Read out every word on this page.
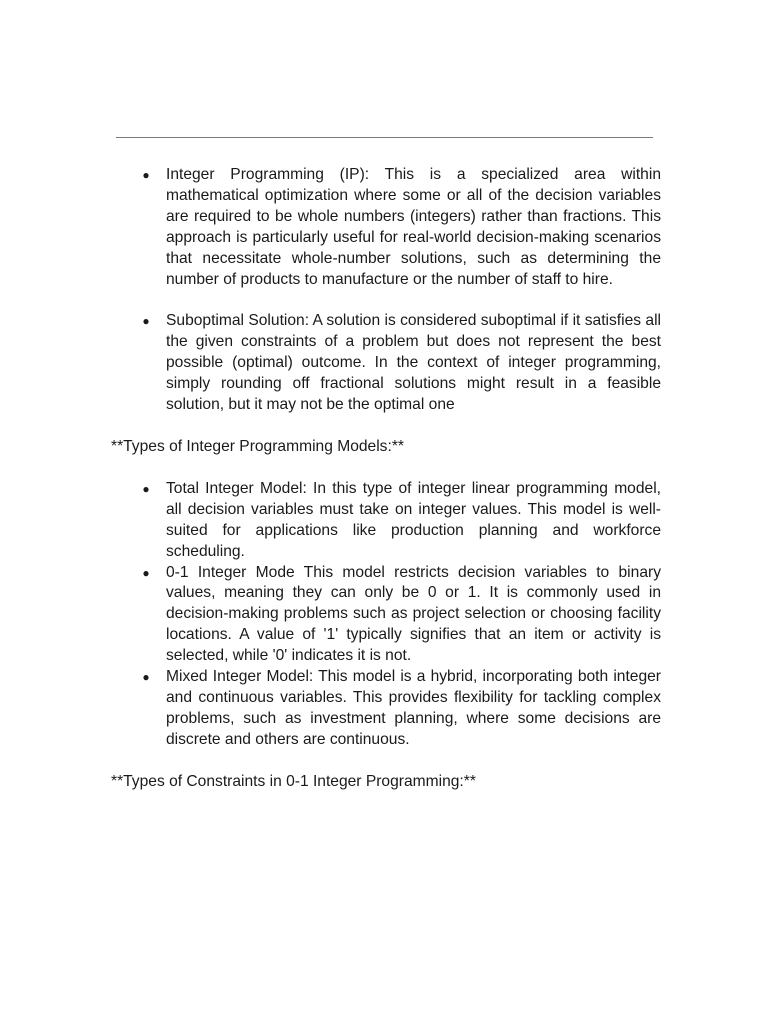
● Integer Programming (IP): This is a specialized area within mathematical optimization where some or all of the decision variables are required to be whole numbers (integers) rather than fractions. This approach is particularly useful for real-world decision-making scenarios that necessitate whole-number solutions, such as determining the number of products to manufacture or the number of staff to hire.
● Suboptimal Solution: A solution is considered suboptimal if it satisfies all the given constraints of a problem but does not represent the best possible (optimal) outcome. In the context of integer programming, simply rounding off fractional solutions might result in a feasible solution, but it may not be the optimal one

**Types of Integer Programming Models:**

● Total Integer Model: In this type of integer linear programming model, all decision variables must take on integer values. This model is well-suited for applications like production planning and workforce scheduling.
● 0-1 Integer Mode This model restricts decision variables to binary values, meaning they can only be 0 or 1. It is commonly used in decision-making problems such as project selection or choosing facility locations. A value of '1' typically signifies that an item or activity is selected, while '0' indicates it is not.
● Mixed Integer Model: This model is a hybrid, incorporating both integer and continuous variables. This provides flexibility for tackling complex problems, such as investment planning, where some decisions are discrete and others are continuous.

**Types of Constraints in 0-1 Integer Programming:**
